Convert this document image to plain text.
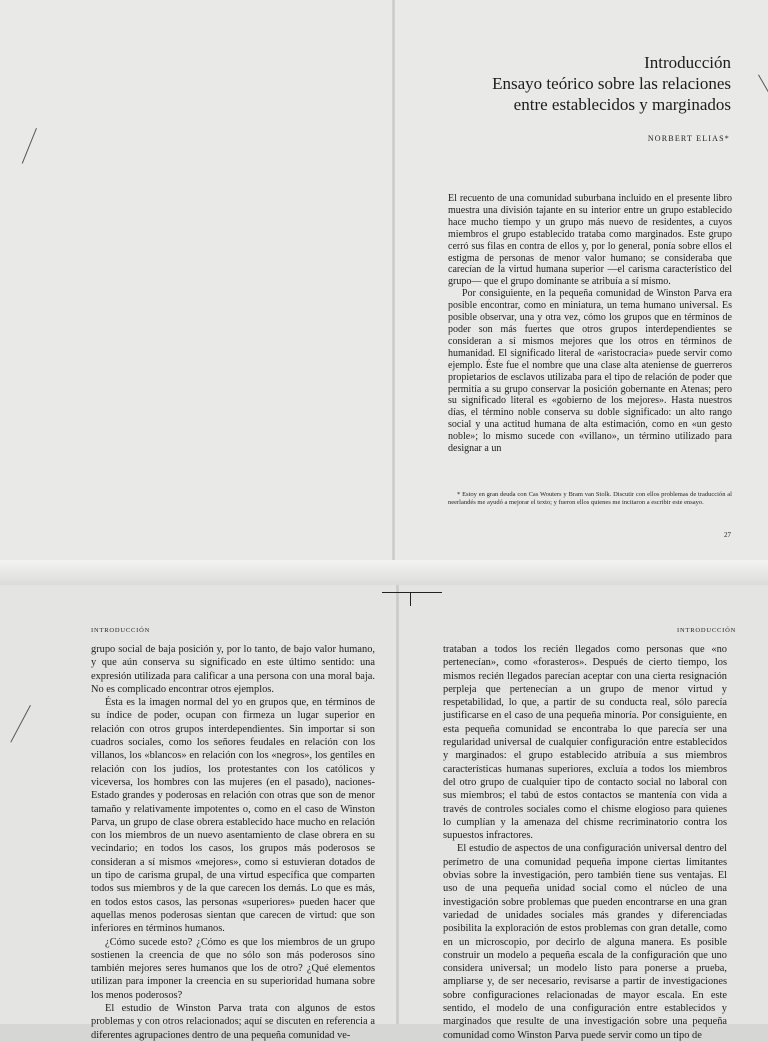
Introducción

Ensayo teórico sobre las relaciones

entre establecidos y marginados

NORBERT ELIAS*

El recuento de una comunidad suburbana incluido en el presente libro muestra una división tajante en su interior entre un grupo establecido hace mucho tiempo y un grupo más nuevo de residentes, a cuyos miembros el grupo establecido trataba como marginados. Este grupo cerró sus filas en contra de ellos y, por lo general, ponía sobre ellos el estigma de personas de menor valor humano; se consideraba que carecían de la virtud humana superior —el carisma característico del grupo— que el grupo dominante se atribuía a sí mismo.

Por consiguiente, en la pequeña comunidad de Winston Parva era posible encontrar, como en miniatura, un tema humano universal. Es posible observar, una y otra vez, cómo los grupos que en términos de poder son más fuertes que otros grupos interdependientes se consideran a sí mismos mejores que los otros en términos de humanidad. El significado literal de «aristocracia» puede servir como ejemplo. Éste fue el nombre que una clase alta ateniense de guerreros propietarios de esclavos utilizaba para el tipo de relación de poder que permitía a su grupo conservar la posición gobernante en Atenas; pero su significado literal es «gobierno de los mejores». Hasta nuestros días, el término noble conserva su doble significado: un alto rango social y una actitud humana de alta estimación, como en «un gesto noble»; lo mismo sucede con «villano», un término utilizado para designar a un

* Estoy en gran deuda con Cas Wouters y Bram van Stolk. Discutir con ellos problemas de traducción al neerlandés me ayudó a mejorar el texto; y fueron ellos quienes me incitaron a escribir este ensayo.
27
INTRODUCCIÓN

grupo social de baja posición y, por lo tanto, de bajo valor humano, y que aún conserva su significado en este último sentido: una expresión utilizada para calificar a una persona con una moral baja. No es complicado encontrar otros ejemplos.

Ésta es la imagen normal del yo en grupos que, en términos de su índice de poder, ocupan con firmeza un lugar superior en relación con otros grupos interdependientes. Sin importar si son cuadros sociales, como los señores feudales en relación con los villanos, los «blancos» en relación con los «negros», los gentiles en relación con los judíos, los protestantes con los católicos y viceversa, los hombres con las mujeres (en el pasado), naciones-Estado grandes y poderosas en relación con otras que son de menor tamaño y relativamente impotentes o, como en el caso de Winston Parva, un grupo de clase obrera establecido hace mucho en relación con los miembros de un nuevo asentamiento de clase obrera en su vecindario; en todos los casos, los grupos más poderosos se consideran a sí mismos «mejores», como si estuvieran dotados de un tipo de carisma grupal, de una virtud específica que comparten todos sus miembros y de la que carecen los demás. Lo que es más, en todos estos casos, las personas «superiores» pueden hacer que aquellas menos poderosas sientan que carecen de virtud: que son inferiores en términos humanos.

¿Cómo sucede esto? ¿Cómo es que los miembros de un grupo sostienen la creencia de que no sólo son más poderosos sino también mejores seres humanos que los de otro? ¿Qué elementos utilizan para imponer la creencia en su superioridad humana sobre los menos poderosos?

El estudio de Winston Parva trata con algunos de estos problemas y con otros relacionados; aquí se discuten en referencia a diferentes agrupaciones dentro de una pequeña comunidad ve-

INTRODUCCIÓN

trataban a todos los recién llegados como personas que «no pertenecían», como «forasteros». Después de cierto tiempo, los mismos recién llegados parecían aceptar con una cierta resignación perpleja que pertenecían a un grupo de menor virtud y respetabilidad, lo que, a partir de su conducta real, sólo parecía justificarse en el caso de una pequeña minoría. Por consiguiente, en esta pequeña comunidad se encontraba lo que parecía ser una regularidad universal de cualquier configuración entre establecidos y marginados: el grupo establecido atribuía a sus miembros características humanas superiores, excluía a todos los miembros del otro grupo de cualquier tipo de contacto social no laboral con sus miembros; el tabú de estos contactos se mantenía con vida a través de controles sociales como el chisme elogioso para quienes lo cumplían y la amenaza del chisme recriminatorio contra los supuestos infractores.

El estudio de aspectos de una configuración universal dentro del perímetro de una comunidad pequeña impone ciertas limitantes obvias sobre la investigación, pero también tiene sus ventajas. El uso de una pequeña unidad social como el núcleo de una investigación sobre problemas que pueden encontrarse en una gran variedad de unidades sociales más grandes y diferenciadas posibilita la exploración de estos problemas con gran detalle, como en un microscopio, por decirlo de alguna manera. Es posible construir un modelo a pequeña escala de la configuración que uno considera universal; un modelo listo para ponerse a prueba, ampliarse y, de ser necesario, revisarse a partir de investigaciones sobre configuraciones relacionadas de mayor escala. En este sentido, el modelo de una configuración entre establecidos y marginados que resulte de una investigación sobre una pequeña comunidad como Winston Parva puede servir como un tipo de
